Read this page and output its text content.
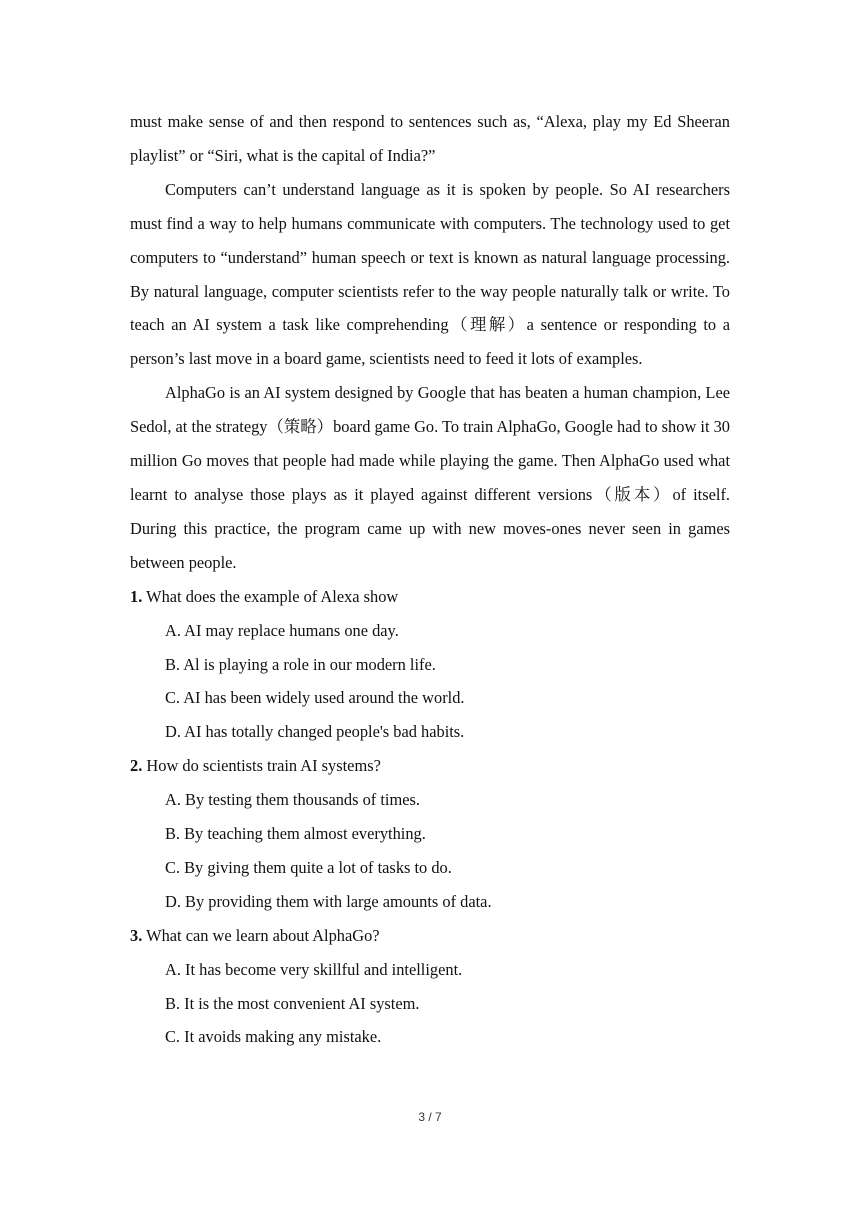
must make sense of and then respond to sentences such as, “Alexa, play my Ed Sheeran playlist” or “Siri, what is the capital of India?”

Computers can’t understand language as it is spoken by people. So AI researchers must find a way to help humans communicate with computers. The technology used to get computers to “understand” human speech or text is known as natural language processing. By natural language, computer scientists refer to the way people naturally talk or write. To teach an AI system a task like comprehending（理解）a sentence or responding to a person’s last move in a board game, scientists need to feed it lots of examples.

AlphaGo is an AI system designed by Google that has beaten a human champion, Lee Sedol, at the strategy（策略）board game Go. To train AlphaGo, Google had to show it 30 million Go moves that people had made while playing the game. Then AlphaGo used what learnt to analyse those plays as it played against different versions（版本）of itself. During this practice, the program came up with new moves-ones never seen in games between people.

1. What does the example of Alexa show

A. AI may replace humans one day.

B. Al is playing a role in our modern life.

C. AI has been widely used around the world.

D. AI has totally changed people's bad habits.

2. How do scientists train AI systems?

A. By testing them thousands of times.

B. By teaching them almost everything.

C. By giving them quite a lot of tasks to do.

D. By providing them with large amounts of data.

3. What can we learn about AlphaGo?

A. It has become very skillful and intelligent.

B. It is the most convenient AI system.

C. It avoids making any mistake.

3 / 7
